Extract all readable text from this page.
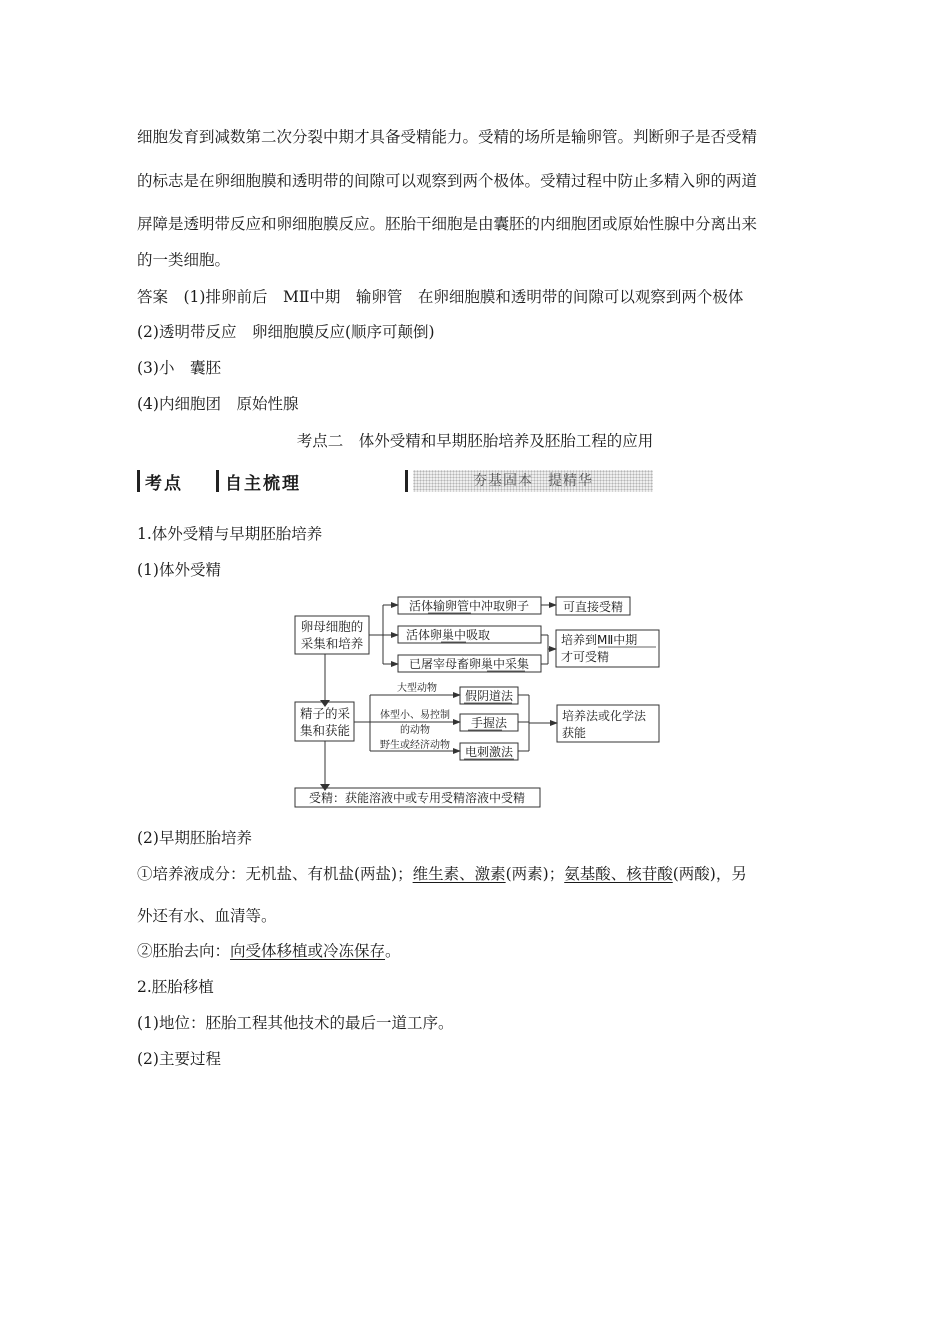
细胞发育到减数第二次分裂中期才具备受精能力。受精的场所是输卵管。判断卵子是否受精
的标志是在卵细胞膜和透明带的间隙可以观察到两个极体。受精过程中防止多精入卵的两道
屏障是透明带反应和卵细胞膜反应。胚胎干细胞是由囊胚的内细胞团或原始性腺中分离出来
的一类细胞。
答案　(1)排卵前后　MⅡ中期　输卵管　在卵细胞膜和透明带的间隙可以观察到两个极体
(2)透明带反应　卵细胞膜反应(顺序可颠倒)
(3)小　囊胚
(4)内细胞团　原始性腺
考点二　体外受精和早期胚胎培养及胚胎工程的应用
考点 自主梳理	夯基固本　提精华
1.体外受精与早期胚胎培养
(1)体外受精
卵母细胞的
采集和培养
活体输卵管中冲取卵子
活体卵巢中吸取
已屠宰母畜卵巢中采集
可直接受精
培养到MⅡ中期
才可受精
精子的采
集和获能
大型动物
体型小、易控制
的动物
野生或经济动物
假阴道法
手握法
电刺激法
培养法或化学法
获能
受精：获能溶液中或专用受精溶液中受精
(2)早期胚胎培养
①培养液成分：无机盐、有机盐(两盐)；维生素、激素(两素)；氨基酸、核苷酸(两酸)，另
外还有水、血清等。
②胚胎去向：向受体移植或冷冻保存。
2.胚胎移植
(1)地位：胚胎工程其他技术的最后一道工序。
(2)主要过程
